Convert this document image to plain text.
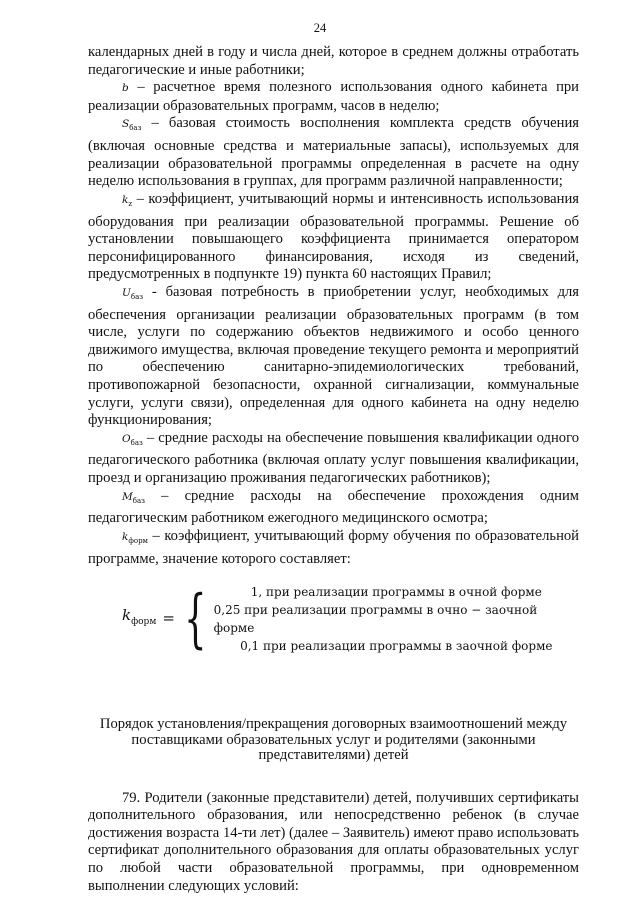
24

календарных дней в году и числа дней, которое в среднем должны отработать педагогические и иные работники;

b – расчетное время полезного использования одного кабинета при реализации образовательных программ, часов в неделю;

$S_{баз}$ – базовая стоимость восполнения комплекта средств обучения (включая основные средства и материальные запасы), используемых для реализации образовательной программы определенная в расчете на одну неделю использования в группах, для программ различной направленности;

$k_z$ – коэффициент, учитывающий нормы и интенсивность использования оборудования при реализации образовательной программы. Решение об установлении повышающего коэффициента принимается оператором персонифицированного финансирования, исходя из сведений, предусмотренных в подпункте 19) пункта 60 настоящих Правил;

$U_{баз}$ - базовая потребность в приобретении услуг, необходимых для обеспечения организации реализации образовательных программ (в том числе, услуги по содержанию объектов недвижимого и особо ценного движимого имущества, включая проведение текущего ремонта и мероприятий по обеспечению санитарно-эпидемиологических требований, противопожарной безопасности, охранной сигнализации, коммунальные услуги, услуги связи), определенная для одного кабинета на одну неделю функционирования;

$O_{баз}$ – средние расходы на обеспечение повышения квалификации одного педагогического работника (включая оплату услуг повышения квалификации, проезд и организацию проживания педагогических работников);

$M_{баз}$ – средние расходы на обеспечение прохождения одним педагогическим работником ежегодного медицинского осмотра;

$k_{форм}$ – коэффициент, учитывающий форму обучения по образовательной программе, значение которого составляет:

$k_{форм}$ = {	1, при реализации программы в очной форме
0,25 при реализации программы в очно − заочной форме
0,1 при реализации программы в заочной форме

Порядок установления/прекращения договорных взаимоотношений между поставщиками образовательных услуг и родителями (законными представителями) детей

79. Родители (законные представители) детей, получивших сертификаты дополнительного образования, или непосредственно ребенок (в случае достижения возраста 14-ти лет) (далее – Заявитель) имеют право использовать сертификат дополнительного образования для оплаты образовательных услуг по любой части образовательной программы, при одновременном выполнении следующих условий:
